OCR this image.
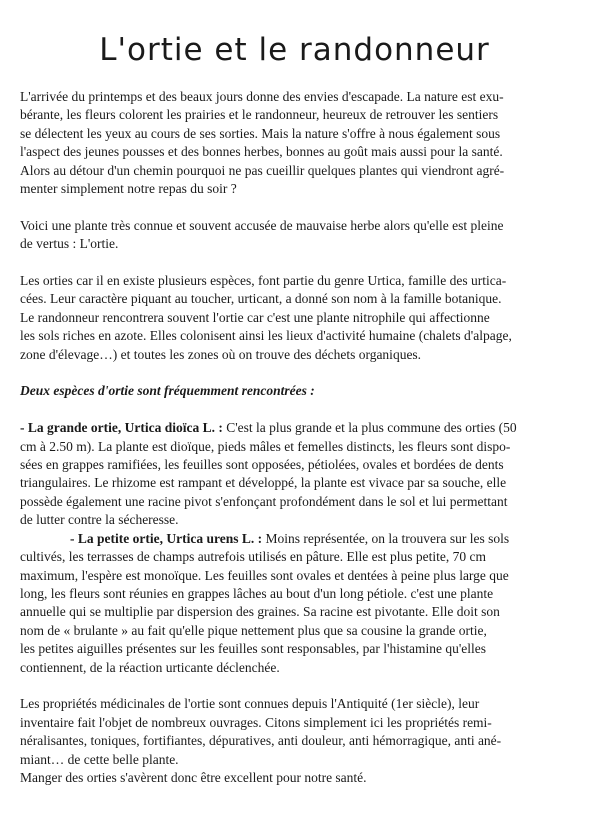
L'ortie et le randonneur
L'arrivée du printemps et des beaux jours donne des envies d'escapade. La nature est exu-
bérante, les fleurs colorent les prairies et le randonneur, heureux de retrouver les sentiers
se délectent les yeux au cours de ses sorties. Mais la nature s'offre à nous également sous
l'aspect des jeunes pousses et des bonnes herbes, bonnes au goût mais aussi pour la santé.
Alors au détour d'un chemin pourquoi ne pas cueillir quelques plantes qui viendront agré-
menter simplement notre repas du soir ?
Voici une plante très connue et souvent accusée de mauvaise herbe alors qu'elle est pleine
de vertus : L'ortie.
Les orties car il en existe plusieurs espèces, font partie du genre Urtica, famille des urtica-
cées. Leur caractère piquant au toucher, urticant, a donné son nom à la famille botanique.
Le randonneur rencontrera souvent l'ortie car c'est une plante nitrophile qui affectionne
les sols riches en azote. Elles colonisent ainsi les lieux d'activité humaine (chalets d'alpage,
zone d'élevage…) et toutes les zones où on trouve des déchets organiques.
Deux espèces d'ortie sont fréquemment rencontrées :
- La grande ortie, Urtica dioïca L. : C'est la plus grande et la plus commune des orties (50
cm à 2.50 m). La plante est dioïque, pieds mâles et femelles distincts, les fleurs sont dispo-
sées en grappes ramifiées, les feuilles sont opposées, pétiolées, ovales et bordées de dents
triangulaires. Le rhizome est rampant et développé, la plante est vivace par sa souche, elle
possède également une racine pivot s'enfonçant profondément dans le sol et lui permettant
de lutter contre la sécheresse.
- La petite ortie, Urtica urens L. : Moins représentée, on la trouvera sur les sols
cultivés, les terrasses de champs autrefois utilisés en pâture. Elle est plus petite, 70 cm
maximum, l'espère est monoïque. Les feuilles sont ovales et dentées à peine plus large que
long, les fleurs sont réunies en grappes lâches au bout d'un long pétiole. c'est une plante
annuelle qui se multiplie par dispersion des graines. Sa racine est pivotante. Elle doit son
nom de « brulante » au fait qu'elle pique nettement plus que sa cousine la grande ortie,
les petites aiguilles présentes sur les feuilles sont responsables, par l'histamine qu'elles
contiennent, de la réaction urticante déclenchée.
Les propriétés médicinales de l'ortie sont connues depuis l'Antiquité (1er siècle), leur
inventaire fait l'objet de nombreux ouvrages. Citons simplement ici les propriétés remi-
néralisantes, toniques, fortifiantes, dépuratives, anti douleur, anti hémorragique, anti ané-
miant… de cette belle plante.
Manger des orties s'avèrent donc être excellent pour notre santé.
